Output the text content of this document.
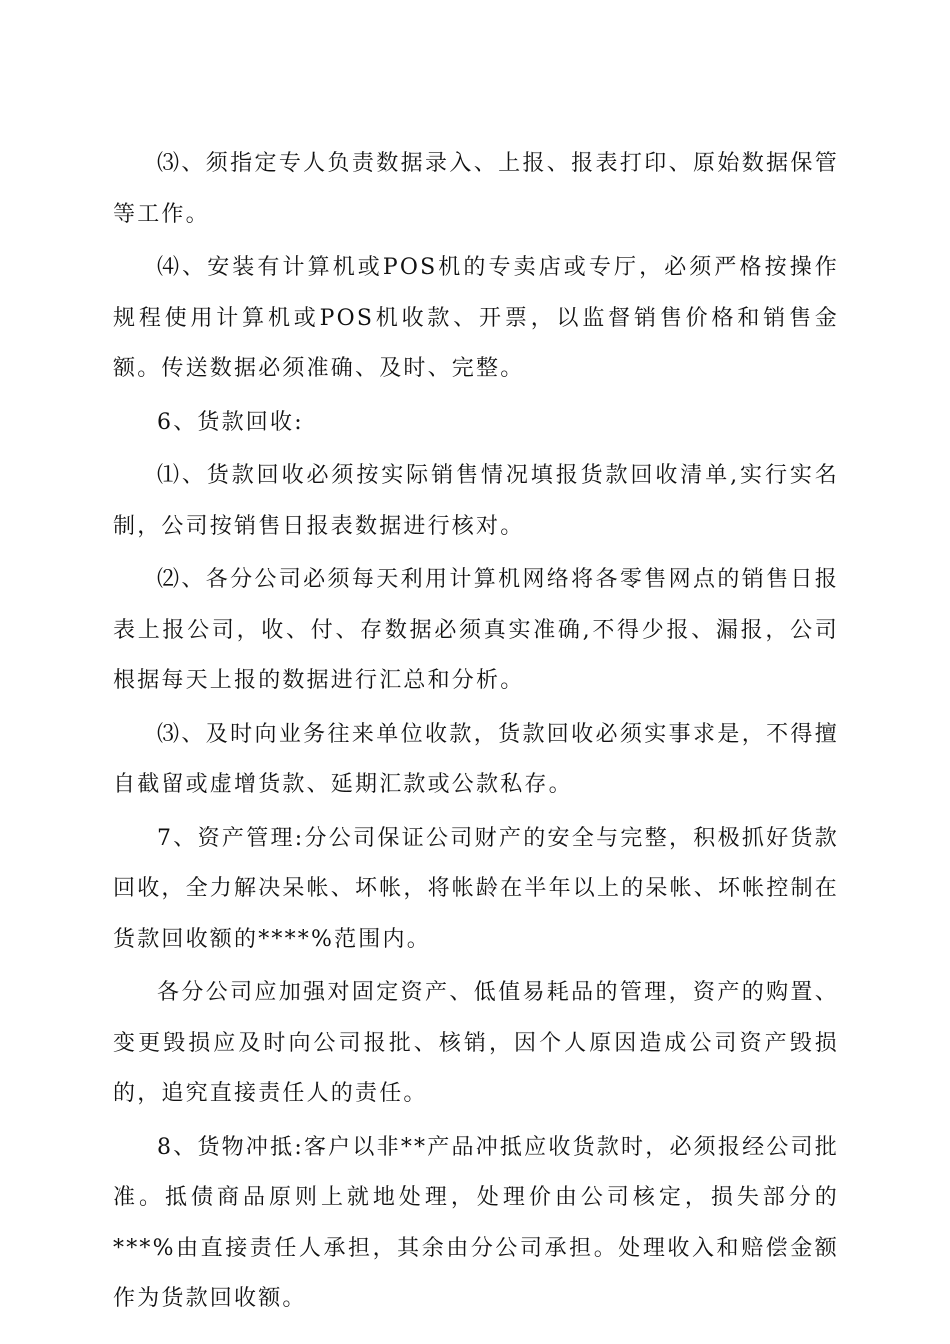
⑶、须指定专人负责数据录入、上报、报表打印、原始数据保管等工作。

⑷、安装有计算机或POS机的专卖店或专厅，必须严格按操作规程使用计算机或POS机收款、开票，以监督销售价格和销售金额。传送数据必须准确、及时、完整。

6、货款回收:

⑴、货款回收必须按实际销售情况填报货款回收清单,实行实名制，公司按销售日报表数据进行核对。

⑵、各分公司必须每天利用计算机网络将各零售网点的销售日报表上报公司，收、付、存数据必须真实准确,不得少报、漏报，公司根据每天上报的数据进行汇总和分析。

⑶、及时向业务往来单位收款，货款回收必须实事求是，不得擅自截留或虚增货款、延期汇款或公款私存。

7、资产管理:分公司保证公司财产的安全与完整，积极抓好货款回收，全力解决呆帐、坏帐，将帐龄在半年以上的呆帐、坏帐控制在货款回收额的****%范围内。

各分公司应加强对固定资产、低值易耗品的管理，资产的购置、变更毁损应及时向公司报批、核销，因个人原因造成公司资产毁损的，追究直接责任人的责任。

8、货物冲抵:客户以非**产品冲抵应收货款时，必须报经公司批准。抵债商品原则上就地处理，处理价由公司核定，损失部分的***%由直接责任人承担，其余由分公司承担。处理收入和赔偿金额作为货款回收额。
